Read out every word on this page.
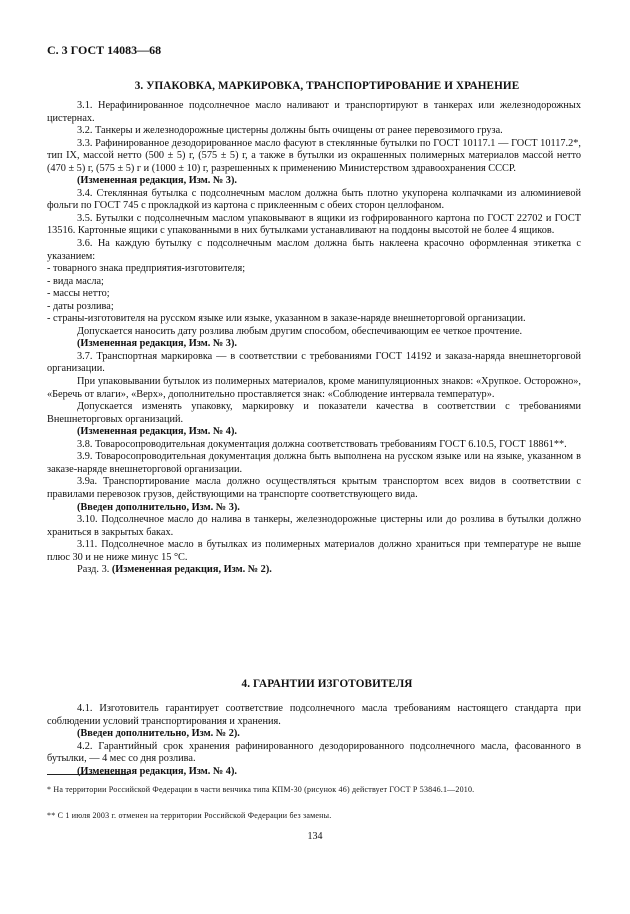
С. 3 ГОСТ 14083—68
3. УПАКОВКА, МАРКИРОВКА, ТРАНСПОРТИРОВАНИЕ И ХРАНЕНИЕ

3.1. Нерафинированное подсолнечное масло наливают и транспортируют в танкерах или железнодорожных цистернах.

3.2. Танкеры и железнодорожные цистерны должны быть очищены от ранее перевозимого груза.

3.3. Рафинированное дезодорированное масло фасуют в стеклянные бутылки по ГОСТ 10117.1 — ГОСТ 10117.2*, тип IX, массой нетто (500 ± 5) г, (575 ± 5) г, а также в бутылки из окрашенных полимерных материалов массой нетто (470 ± 5) г, (575 ± 5) г и (1000 ± 10) г, разрешенных к применению Министерством здравоохранения СССР.

(Измененная редакция, Изм. № 3).

3.4. Стеклянная бутылка с подсолнечным маслом должна быть плотно укупорена колпачками из алюминиевой фольги по ГОСТ 745 с прокладкой из картона с приклеенным с обеих сторон целлофаном.

3.5. Бутылки с подсолнечным маслом упаковывают в ящики из гофрированного картона по ГОСТ 22702 и ГОСТ 13516. Картонные ящики с упакованными в них бутылками устанавливают на поддоны высотой не более 4 ящиков.

3.6. На каждую бутылку с подсолнечным маслом должна быть наклеена красочно оформленная этикетка с указанием:

- товарного знака предприятия-изготовителя;

- вида масла;

- массы нетто;

- даты розлива;

- страны-изготовителя на русском языке или языке, указанном в заказе-наряде внешнеторговой организации.

Допускается наносить дату розлива любым другим способом, обеспечивающим ее четкое прочтение.

(Измененная редакция, Изм. № 3).

3.7. Транспортная маркировка — в соответствии с требованиями ГОСТ 14192 и заказа-наряда внешнеторговой организации.

При упаковывании бутылок из полимерных материалов, кроме манипуляционных знаков: «Хрупкое. Осторожно», «Беречь от влаги», «Верх», дополнительно проставляется знак: «Соблюдение интервала температур».

Допускается изменять упаковку, маркировку и показатели качества в соответствии с требованиями Внешнеторговых организаций.

(Измененная редакция, Изм. № 4).

3.8. Товаросопроводительная документация должна соответствовать требованиям ГОСТ 6.10.5, ГОСТ 18861**.

3.9. Товаросопроводительная документация должна быть выполнена на русском языке или на языке, указанном в заказе-наряде внешнеторговой организации.

3.9а. Транспортирование масла должно осуществляться крытым транспортом всех видов в соответствии с правилами перевозок грузов, действующими на транспорте соответствующего вида.

(Введен дополнительно, Изм. № 3).

3.10. Подсолнечное масло до налива в танкеры, железнодорожные цистерны или до розлива в бутылки должно храниться в закрытых баках.

3.11. Подсолнечное масло в бутылках из полимерных материалов должно храниться при температуре не выше плюс 30 и не ниже минус 15 °С.

Разд. 3. (Измененная редакция, Изм. № 2).

4. ГАРАНТИИ ИЗГОТОВИТЕЛЯ

4.1. Изготовитель гарантирует соответствие подсолнечного масла требованиям настоящего стандарта при соблюдении условий транспортирования и хранения.

(Введен дополнительно, Изм. № 2).

4.2. Гарантийный срок хранения рафинированного дезодорированного подсолнечного масла, фасованного в бутылки, — 4 мес со дня розлива.

(Измененная редакция, Изм. № 4).

* На территории Российской Федерации в части венчика типа КПМ-30 (рисунок 46) действует ГОСТ Р 53846.1—2010.
** С 1 июля 2003 г. отменен на территории Российской Федерации без замены.
134
